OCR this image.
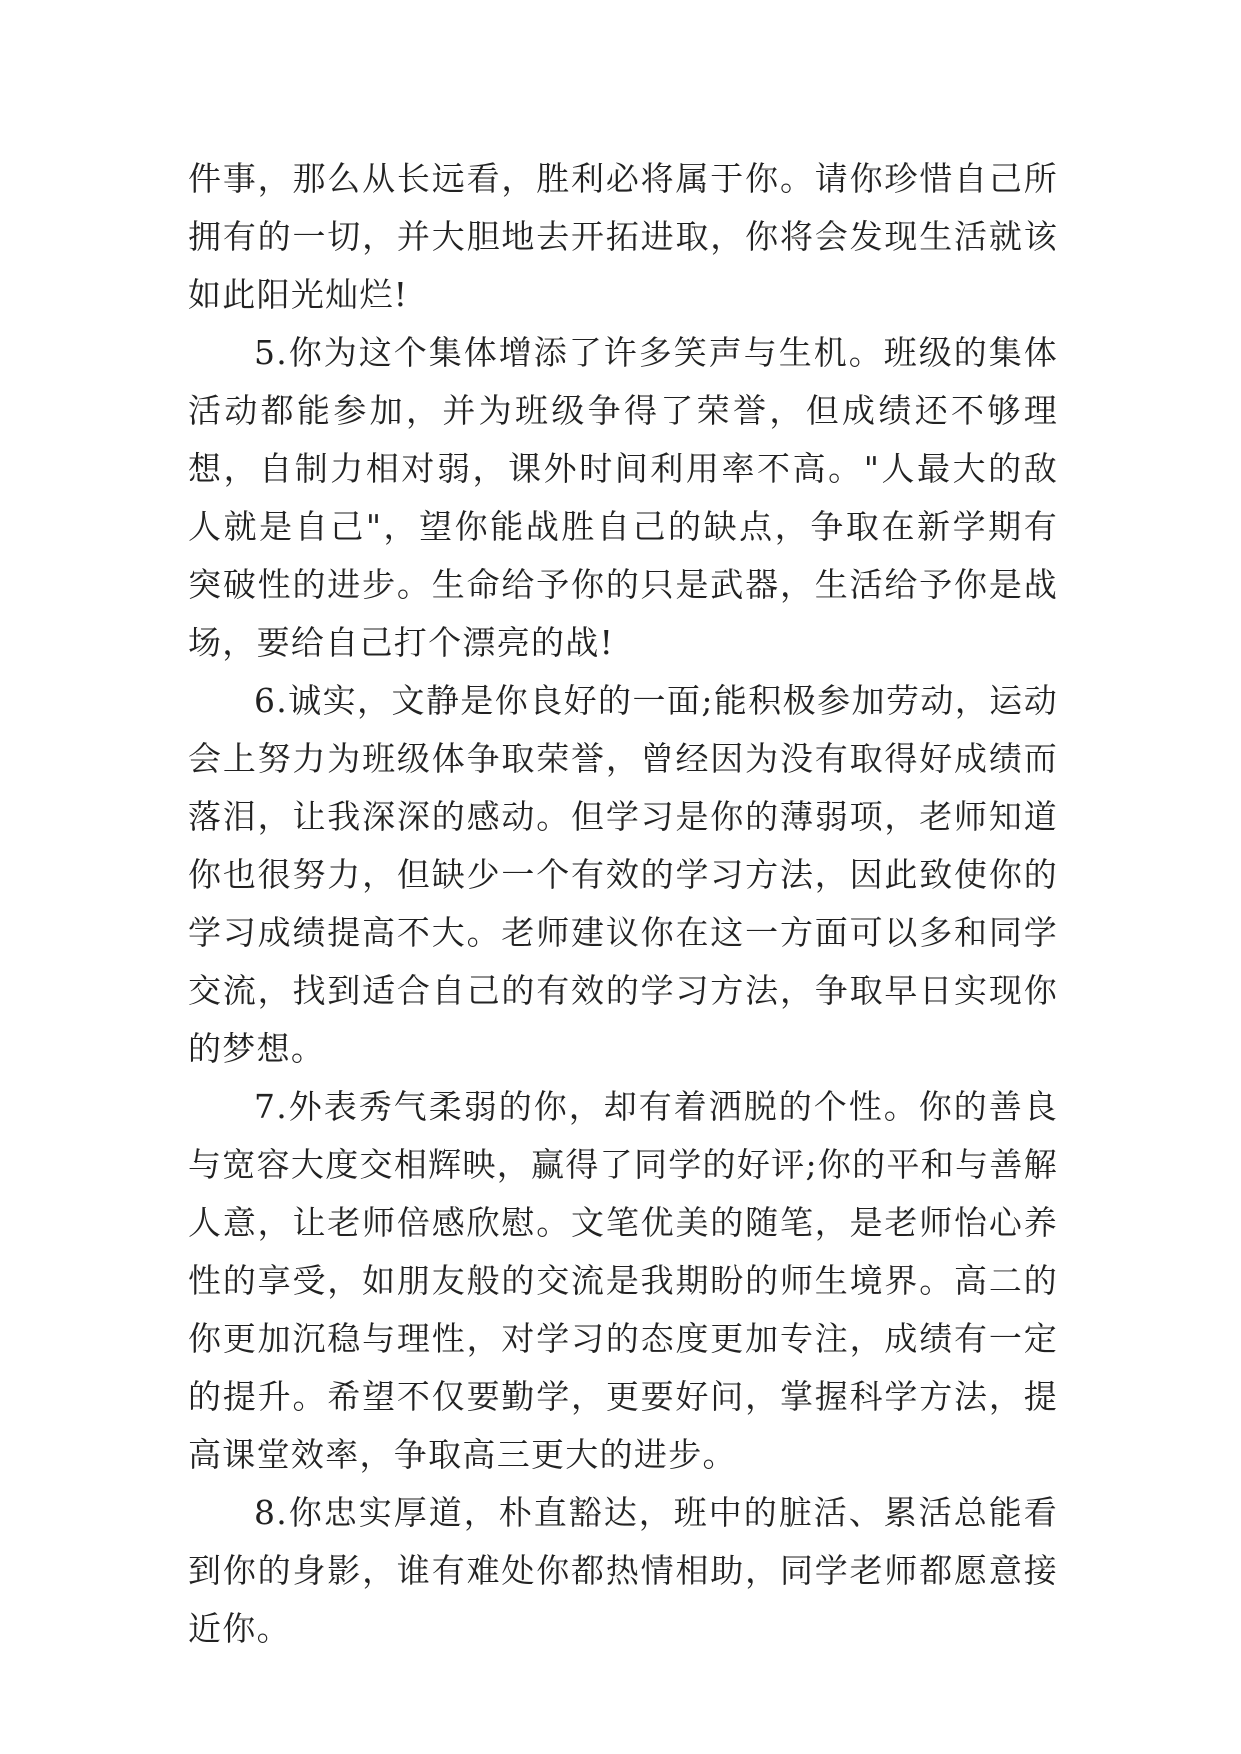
件事，那么从长远看，胜利必将属于你。请你珍惜自己所拥有的一切，并大胆地去开拓进取，你将会发现生活就该如此阳光灿烂!

5.你为这个集体增添了许多笑声与生机。班级的集体活动都能参加，并为班级争得了荣誉，但成绩还不够理想，自制力相对弱，课外时间利用率不高。"人最大的敌人就是自己"，望你能战胜自己的缺点，争取在新学期有突破性的进步。生命给予你的只是武器，生活给予你是战场，要给自己打个漂亮的战!

6.诚实，文静是你良好的一面;能积极参加劳动，运动会上努力为班级体争取荣誉，曾经因为没有取得好成绩而落泪，让我深深的感动。但学习是你的薄弱项，老师知道你也很努力，但缺少一个有效的学习方法，因此致使你的学习成绩提高不大。老师建议你在这一方面可以多和同学交流，找到适合自己的有效的学习方法，争取早日实现你的梦想。

7.外表秀气柔弱的你，却有着洒脱的个性。你的善良与宽容大度交相辉映，赢得了同学的好评;你的平和与善解人意，让老师倍感欣慰。文笔优美的随笔，是老师怡心养性的享受，如朋友般的交流是我期盼的师生境界。高二的你更加沉稳与理性，对学习的态度更加专注，成绩有一定的提升。希望不仅要勤学，更要好问，掌握科学方法，提高课堂效率，争取高三更大的进步。

8.你忠实厚道，朴直豁达，班中的脏活、累活总能看到你的身影，谁有难处你都热情相助，同学老师都愿意接近你。
